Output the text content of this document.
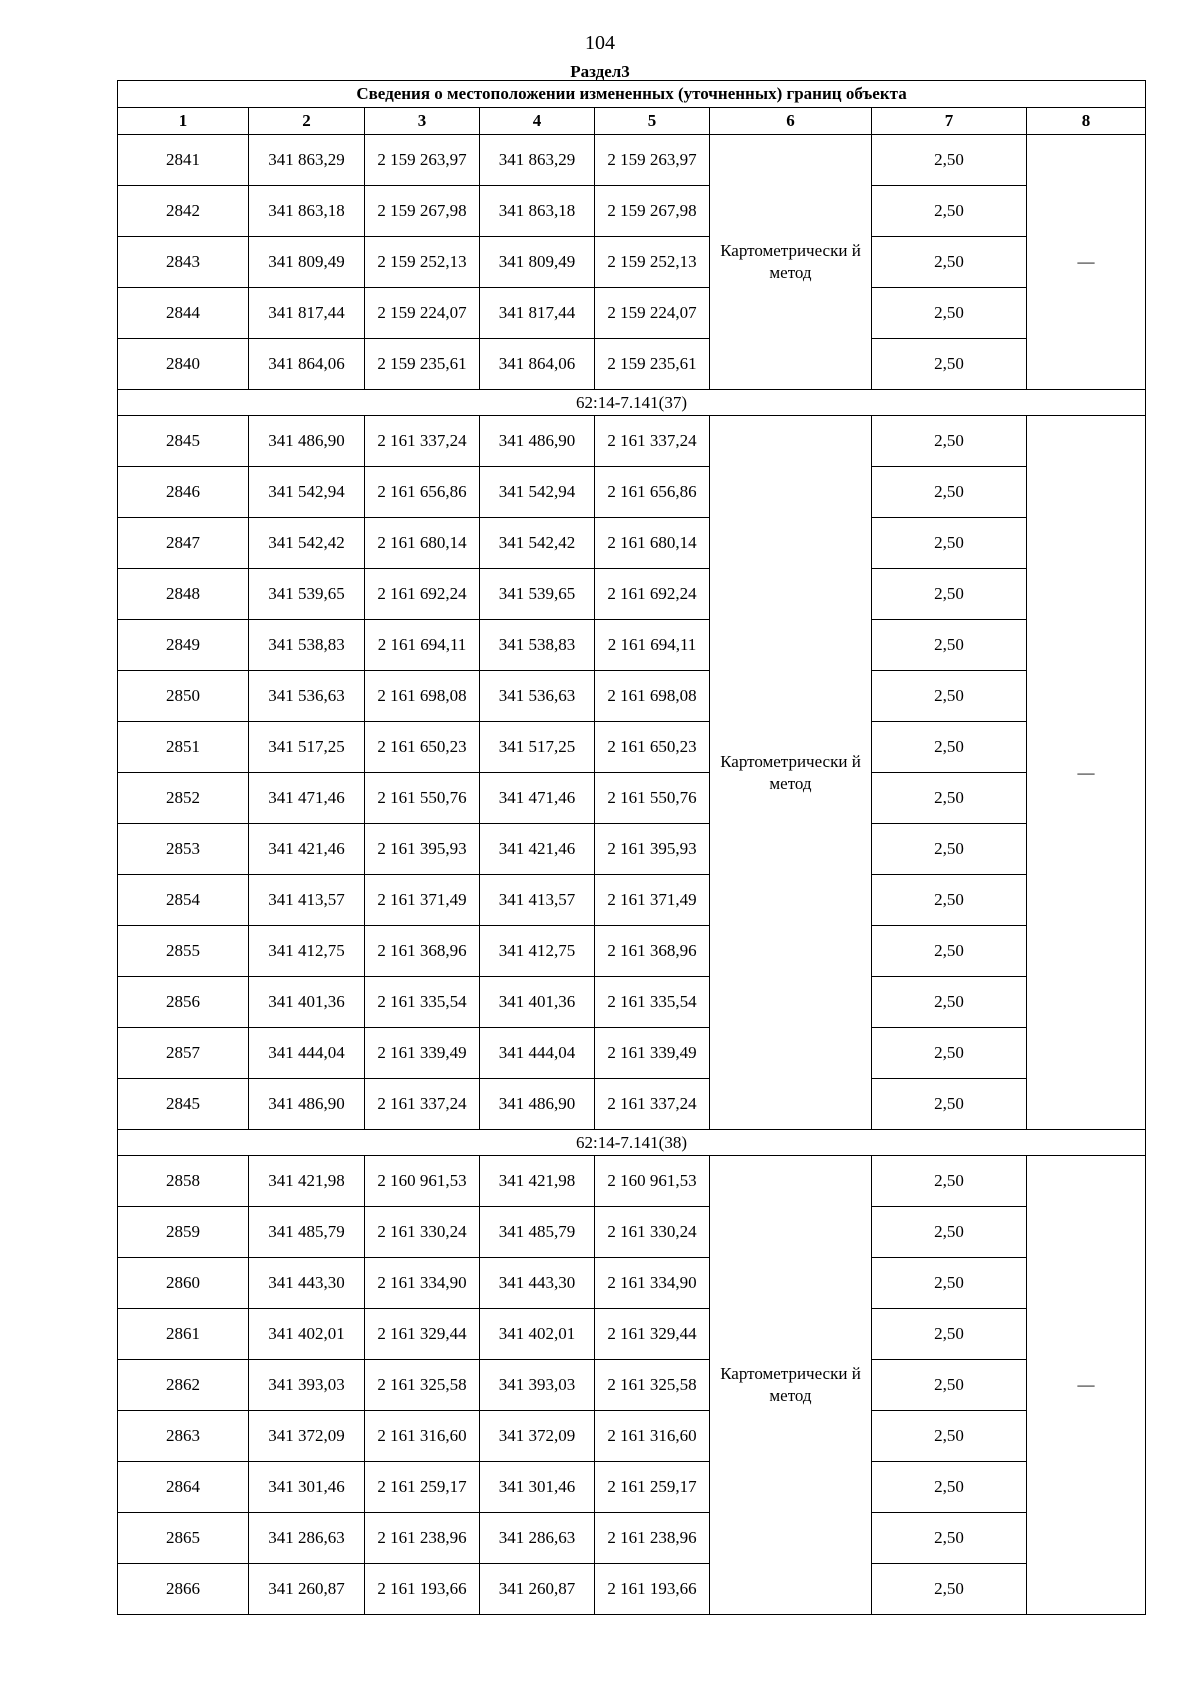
104
Раздел3
Сведения о местоположении измененных (уточненных) границ объекта							
1	2	3	4	5	6	7	8
2841	341 863,29	2 159 263,97	341 863,29	2 159 263,97	Картометрически й метод	2,50	—
2842	341 863,18	2 159 267,98	341 863,18	2 159 267,98		2,50	
2843	341 809,49	2 159 252,13	341 809,49	2 159 252,13		2,50	
2844	341 817,44	2 159 224,07	341 817,44	2 159 224,07		2,50	
2840	341 864,06	2 159 235,61	341 864,06	2 159 235,61		2,50	
62:14-7.141(37)							
2845	341 486,90	2 161 337,24	341 486,90	2 161 337,24	Картометрически й метод	2,50	—
2846	341 542,94	2 161 656,86	341 542,94	2 161 656,86		2,50	
2847	341 542,42	2 161 680,14	341 542,42	2 161 680,14		2,50	
2848	341 539,65	2 161 692,24	341 539,65	2 161 692,24		2,50	
2849	341 538,83	2 161 694,11	341 538,83	2 161 694,11		2,50	
2850	341 536,63	2 161 698,08	341 536,63	2 161 698,08		2,50	
2851	341 517,25	2 161 650,23	341 517,25	2 161 650,23		2,50	
2852	341 471,46	2 161 550,76	341 471,46	2 161 550,76		2,50	
2853	341 421,46	2 161 395,93	341 421,46	2 161 395,93		2,50	
2854	341 413,57	2 161 371,49	341 413,57	2 161 371,49		2,50	
2855	341 412,75	2 161 368,96	341 412,75	2 161 368,96		2,50	
2856	341 401,36	2 161 335,54	341 401,36	2 161 335,54		2,50	
2857	341 444,04	2 161 339,49	341 444,04	2 161 339,49		2,50	
2845	341 486,90	2 161 337,24	341 486,90	2 161 337,24		2,50	
62:14-7.141(38)							
2858	341 421,98	2 160 961,53	341 421,98	2 160 961,53	Картометрически й метод	2,50	—
2859	341 485,79	2 161 330,24	341 485,79	2 161 330,24		2,50	
2860	341 443,30	2 161 334,90	341 443,30	2 161 334,90		2,50	
2861	341 402,01	2 161 329,44	341 402,01	2 161 329,44		2,50	
2862	341 393,03	2 161 325,58	341 393,03	2 161 325,58		2,50	
2863	341 372,09	2 161 316,60	341 372,09	2 161 316,60		2,50	
2864	341 301,46	2 161 259,17	341 301,46	2 161 259,17		2,50	
2865	341 286,63	2 161 238,96	341 286,63	2 161 238,96		2,50	
2866	341 260,87	2 161 193,66	341 260,87	2 161 193,66		2,50	
